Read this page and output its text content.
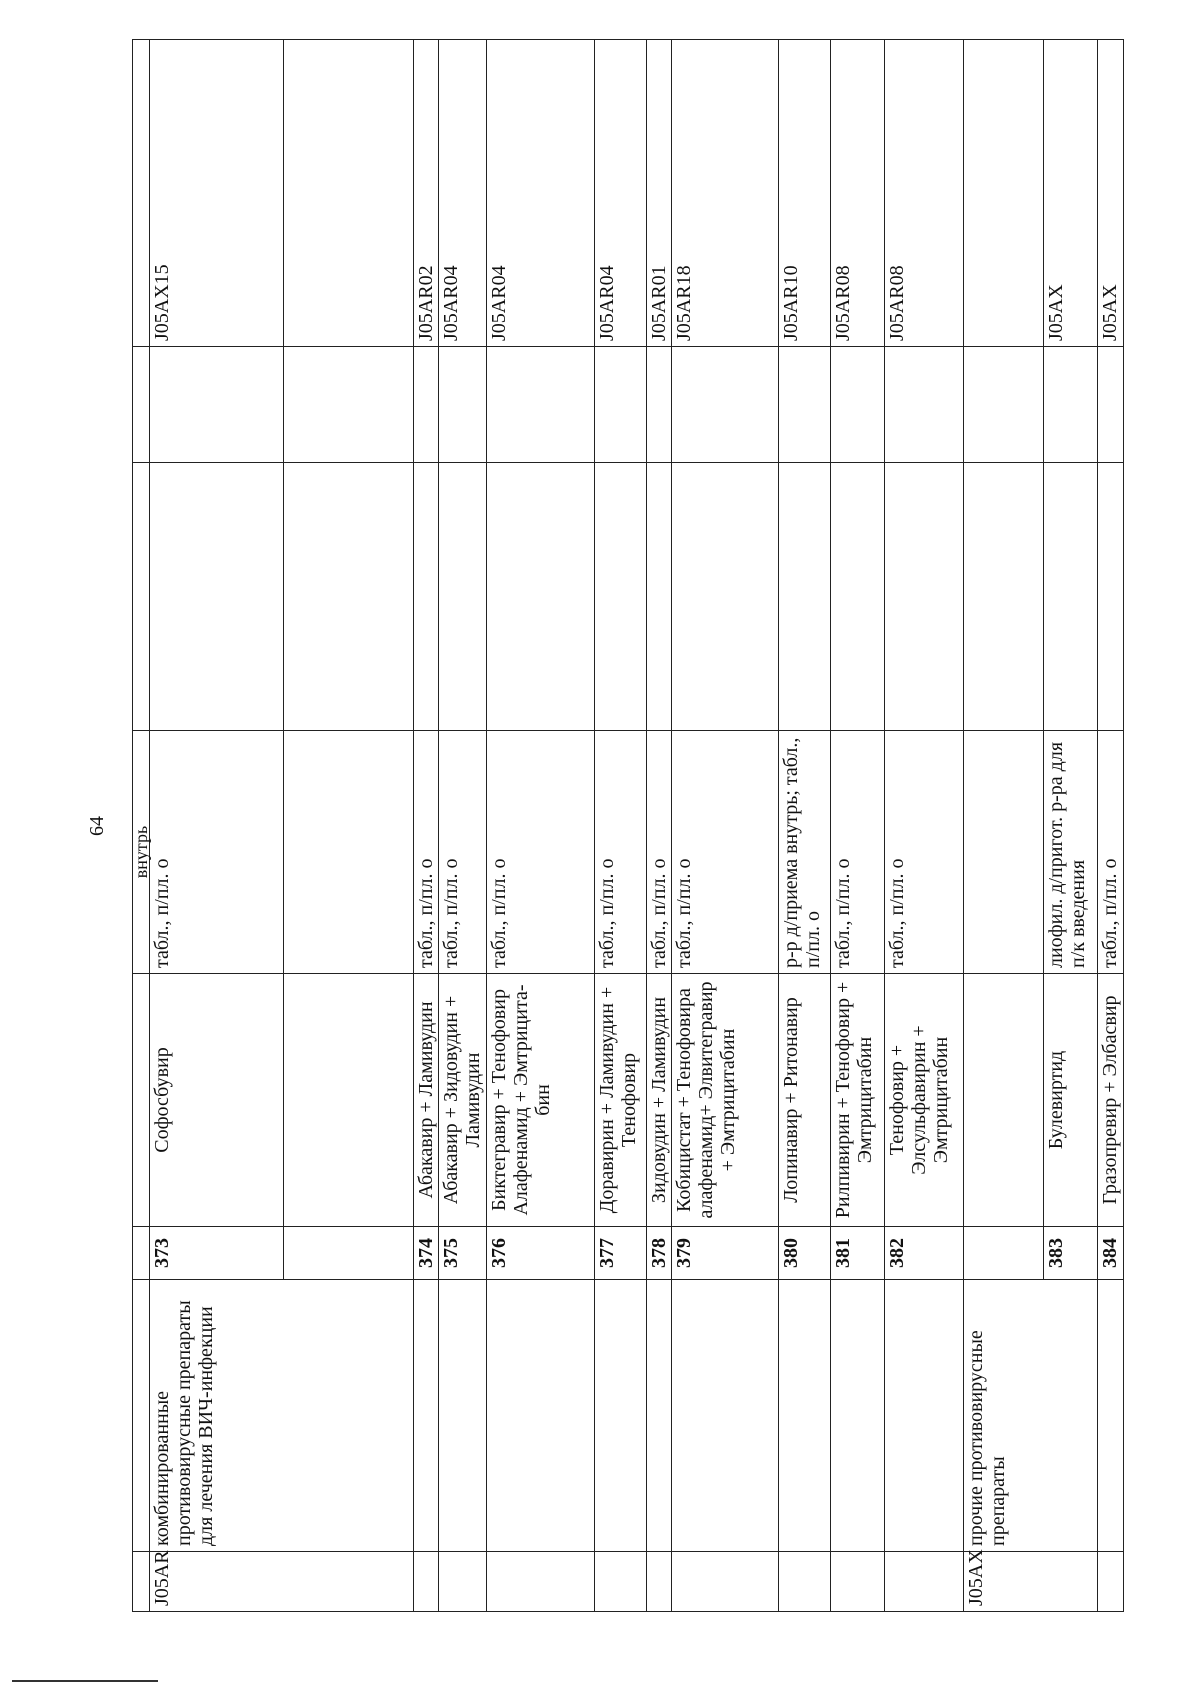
64
				внутрь			
J05AR	комбинированные противовирусные препараты для лечения ВИЧ-инфекции	373	Софосбувир	табл., п/пл. о			J05AX15

		374	Абакавир + Ламивудин	табл., п/пл. о			J05AR02
		375	Абакавир + Зидовудин + Ламивудин	табл., п/пл. о			J05AR04
		376	Биктегравир + Тенофовир Алафенамид + Эмтрицита-бин	табл., п/пл. о			J05AR04
		377	Доравирин + Ламивудин + Тенофовир	табл., п/пл. о			J05AR04
		378	Зидовудин + Ламивудин	табл., п/пл. о			J05AR01
		379	Кобицистат + Тенофовира алафенамид+ Элвитегравир + Эмтрицитабин	табл., п/пл. о			J05AR18
		380	Лопинавир + Ритонавир	р-р д/приема внутрь; табл., п/пл. о			J05AR10
		381	Рилпивирин + Тенофовир + Эмтрицитабин	табл., п/пл. о			J05AR08
		382	Тенофовир + Элсульфавирин + Эмтрицитабин	табл., п/пл. о			J05AR08
J05AX	прочие противовирусные препараты						
		383	Булевиртид	лиофил. д/пригот. р-ра для п/к введения			J05AX
		384	Гразопревир + Элбасвир	табл., п/пл. о			J05AX
